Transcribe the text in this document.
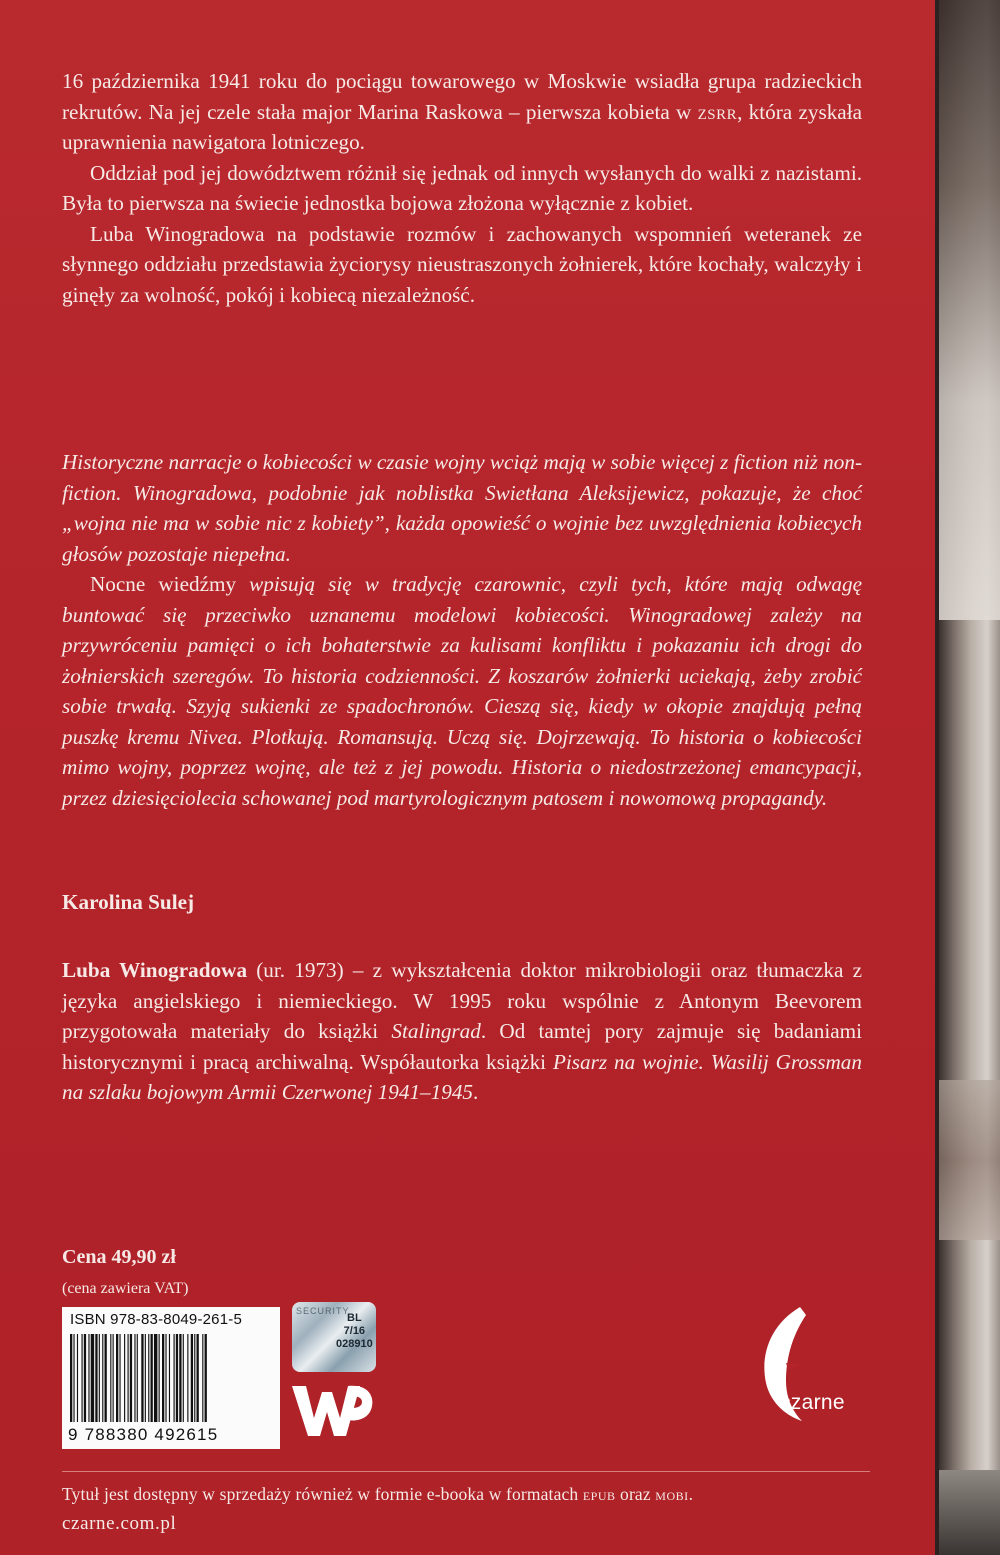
16 października 1941 roku do pociągu towarowego w Moskwie wsiadła grupa radzieckich rekrutów. Na jej czele stała major Marina Raskowa – pierwsza kobieta w zsrr, która zyskała uprawnienia nawigatora lotniczego.

Oddział pod jej dowództwem różnił się jednak od innych wysłanych do walki z nazistami. Była to pierwsza na świecie jednostka bojowa złożona wyłącznie z kobiet.

Luba Winogradowa na podstawie rozmów i zachowanych wspomnień weteranek ze słynnego oddziału przedstawia życiorysy nieustraszonych żołnierek, które kochały, walczyły i ginęły za wolność, pokój i kobiecą niezależność.

Historyczne narracje o kobiecości w czasie wojny wciąż mają w sobie więcej z fiction niż non-fiction. Winogradowa, podobnie jak noblistka Swietłana Aleksijewicz, pokazuje, że choć „wojna nie ma w sobie nic z kobiety”, każda opowieść o wojnie bez uwzględnienia kobiecych głosów pozostaje niepełna.

Nocne wiedźmy wpisują się w tradycję czarownic, czyli tych, które mają odwagę buntować się przeciwko uznanemu modelowi kobiecości. Winogradowej zależy na przywróceniu pamięci o ich bohaterstwie za kulisami konfliktu i pokazaniu ich drogi do żołnierskich szeregów. To historia codzienności. Z koszarów żołnierki uciekają, żeby zrobić sobie trwałą. Szyją sukienki ze spadochronów. Cieszą się, kiedy w okopie znajdują pełną puszkę kremu Nivea. Plotkują. Romansują. Uczą się. Dojrzewają. To historia o kobiecości mimo wojny, poprzez wojnę, ale też z jej powodu. Historia o niedostrzeżonej emancypacji, przez dziesięciolecia schowanej pod martyrologicznym patosem i nowomową propagandy.

Karolina Sulej

Luba Winogradowa (ur. 1973) – z wykształcenia doktor mikrobiologii oraz tłumaczka z języka angielskiego i niemieckiego. W 1995 roku wspólnie z Antonym Beevorem przygotowała materiały do książki Stalingrad. Od tamtej pory zajmuje się badaniami historycznymi i pracą archiwalną. Współautorka książki Pisarz na wojnie. Wasilij Grossman na szlaku bojowym Armii Czerwonej 1941–1945.

Cena 49,90 zł
(cena zawiera VAT)
ISBN 978-83-8049-261-5
9 788380 492615
SECURITY
BL
7/16
028910
WP
czarne
Tytuł jest dostępny w sprzedaży również w formie e-booka w formatach epub oraz mobi.
czarne.com.pl
